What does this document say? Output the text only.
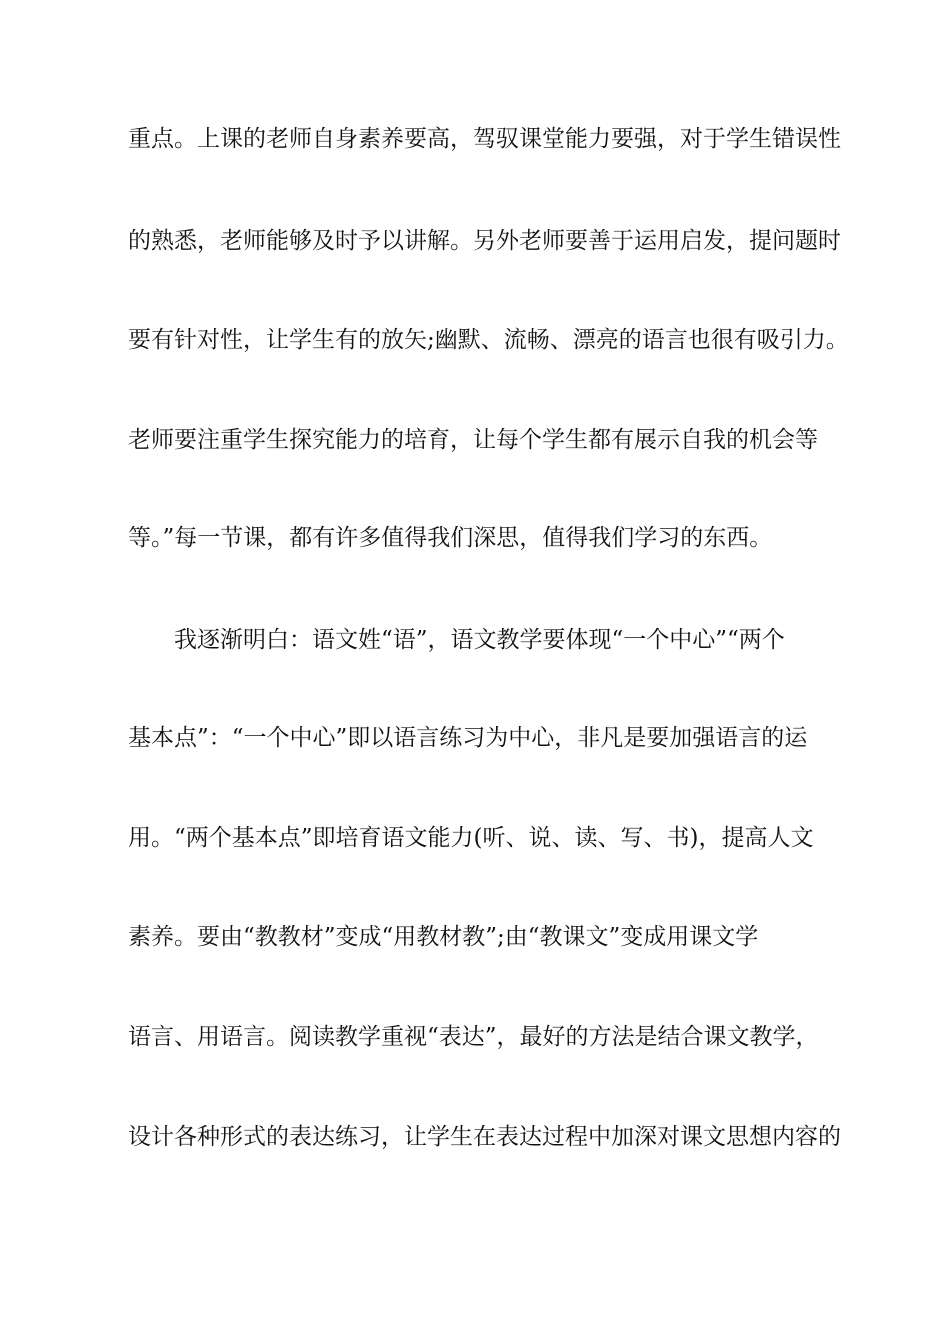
重点。上课的老师自身素养要高，驾驭课堂能力要强，对于学生错误性
的熟悉，老师能够及时予以讲解。另外老师要善于运用启发，提问题时
要有针对性，让学生有的放矢;幽默、流畅、漂亮的语言也很有吸引力。
老师要注重学生探究能力的培育，让每个学生都有展示自我的机会等
等。”每一节课，都有许多值得我们深思，值得我们学习的东西。
我逐渐明白：语文姓“语”，语文教学要体现“一个中心”“两个
基本点”：“一个中心”即以语言练习为中心，非凡是要加强语言的运
用。“两个基本点”即培育语文能力(听、说、读、写、书)，提高人文
素养。要由“教教材”变成“用教材教”;由“教课文”变成用课文学
语言、用语言。阅读教学重视“表达”，最好的方法是结合课文教学，
设计各种形式的表达练习，让学生在表达过程中加深对课文思想内容的
